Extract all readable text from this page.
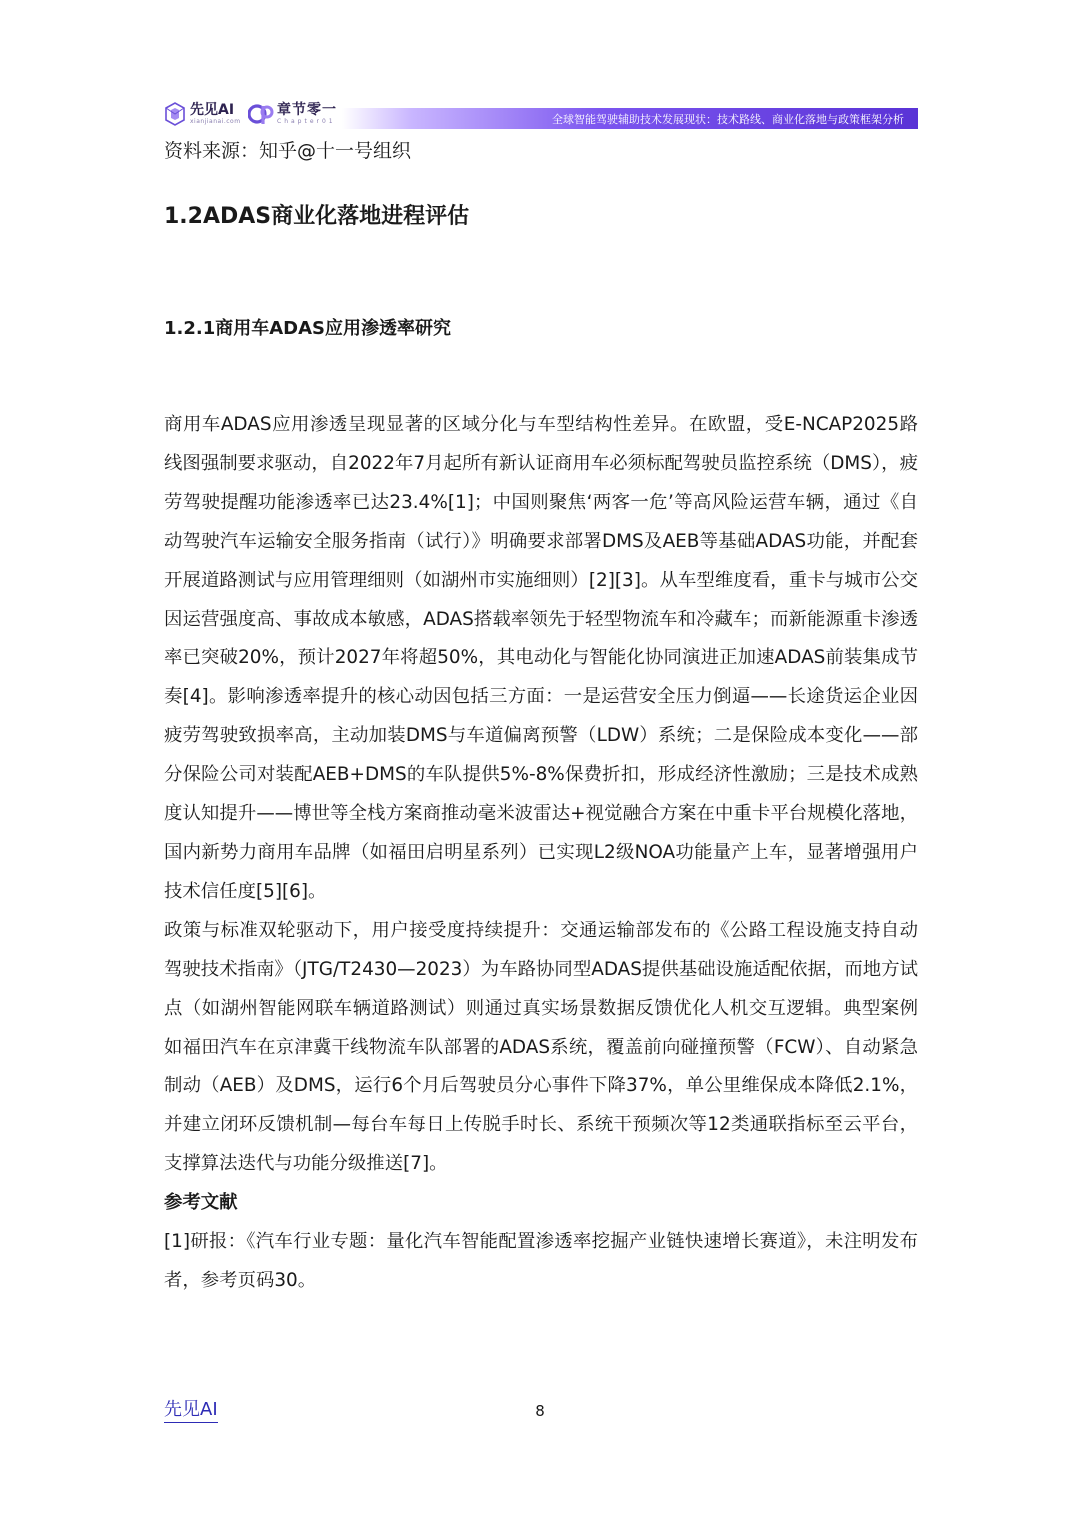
先见AI
xianjianai.com
章节零一
Chapter01	全球智能驾驶辅助技术发展现状：技术路线、商业化落地与政策框架分析

资料来源：知乎@十一号组织

1.2ADAS商业化落地进程评估
1.2.1商用车ADAS应用渗透率研究

商用车ADAS应用渗透呈现显著的区域分化与车型结构性差异。在欧盟，受E-NCAP2025路线图强制要求驱动，自2022年7月起所有新认证商用车必须标配驾驶员监控系统（DMS），疲劳驾驶提醒功能渗透率已达23.4%[1]；中国则聚焦‘两客一危’等高风险运营车辆，通过《自动驾驶汽车运输安全服务指南（试行）》明确要求部署DMS及AEB等基础ADAS功能，并配套开展道路测试与应用管理细则（如湖州市实施细则）[2][3]。从车型维度看，重卡与城市公交因运营强度高、事故成本敏感，ADAS搭载率领先于轻型物流车和冷藏车；而新能源重卡渗透率已突破20%，预计2027年将超50%，其电动化与智能化协同演进正加速ADAS前装集成节奏[4]。影响渗透率提升的核心动因包括三方面：一是运营安全压力倒逼——长途货运企业因疲劳驾驶致损率高，主动加装DMS与车道偏离预警（LDW）系统；二是保险成本变化——部分保险公司对装配AEB+DMS的车队提供5%-8%保费折扣，形成经济性激励；三是技术成熟度认知提升——博世等全栈方案商推动毫米波雷达+视觉融合方案在中重卡平台规模化落地，国内新势力商用车品牌（如福田启明星系列）已实现L2级NOA功能量产上车，显著增强用户技术信任度[5][6]。

政策与标准双轮驱动下，用户接受度持续提升：交通运输部发布的《公路工程设施支持自动驾驶技术指南》（JTG/T2430—2023）为车路协同型ADAS提供基础设施适配依据，而地方试点（如湖州智能网联车辆道路测试）则通过真实场景数据反馈优化人机交互逻辑。典型案例如福田汽车在京津冀干线物流车队部署的ADAS系统，覆盖前向碰撞预警（FCW）、自动紧急制动（AEB）及DMS，运行6个月后驾驶员分心事件下降37%，单公里维保成本降低2.1%，并建立闭环反馈机制—每台车每日上传脱手时长、系统干预频次等12类通联指标至云平台，支撑算法迭代与功能分级推送[7]。

参考文献

[1]研报：《汽车行业专题：量化汽车智能配置渗透率挖掘产业链快速增长赛道》，未注明发布者，参考页码30。

先见AI	8
